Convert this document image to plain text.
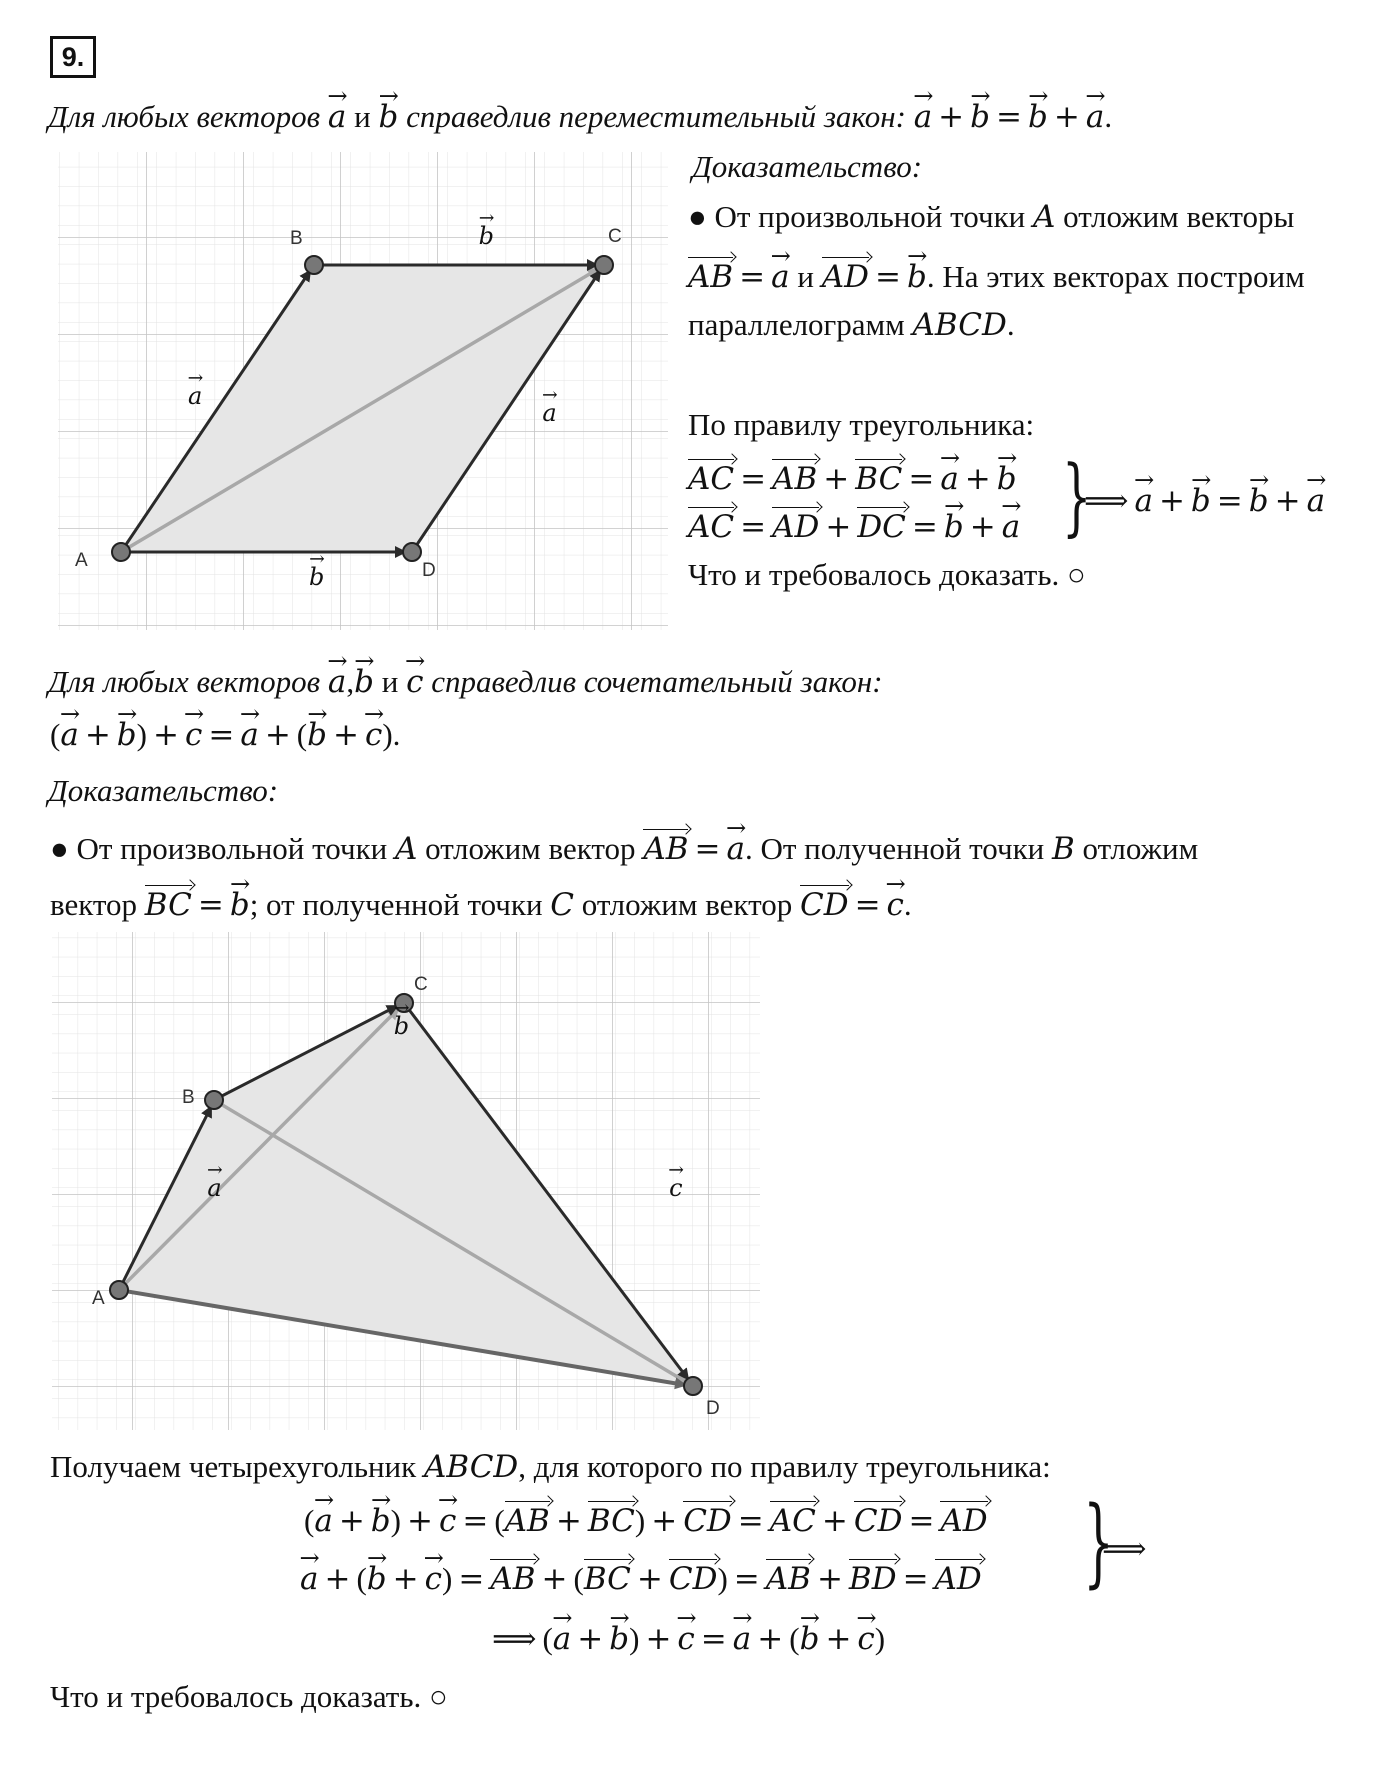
9.
Для любых векторов a → и b → справедлив переместительный закон: a → + b → = b → + a →.
A
B	C
D
a → a → b → b →
Доказательство:
● От произвольной точки A отложим векторы
AB = a → и AD = b →. На этих векторах построим
параллелограмм ABCD.
По правилу треугольника:
AC = AB + BC = a → + b →
AC = AD + DC = b → + a → }
⟹ a → + b → = b → + a →
Что и требовалось доказать. ○
Для любых векторов a →,b → и c → справедлив сочетательный закон:
(a → + b →) + c → = a → + (b → + c →).
Доказательство:
● От произвольной точки A отложим вектор AB = a →. От полученной точки B отложим
вектор BC = b →; от полученной точки C отложим вектор CD = c →.
A
B
C
D
a → b → c →
Получаем четырехугольник ABCD, для которого по правилу треугольника:
(a → + b →) + c → = (AB + BC) + CD = AC + CD = AD
a → + (b → + c →) = AB + (BC + CD) = AB + BD = AD }
⟹
⟹ (a → + b →) + c → = a → + (b → + c →)
Что и требовалось доказать. ○
